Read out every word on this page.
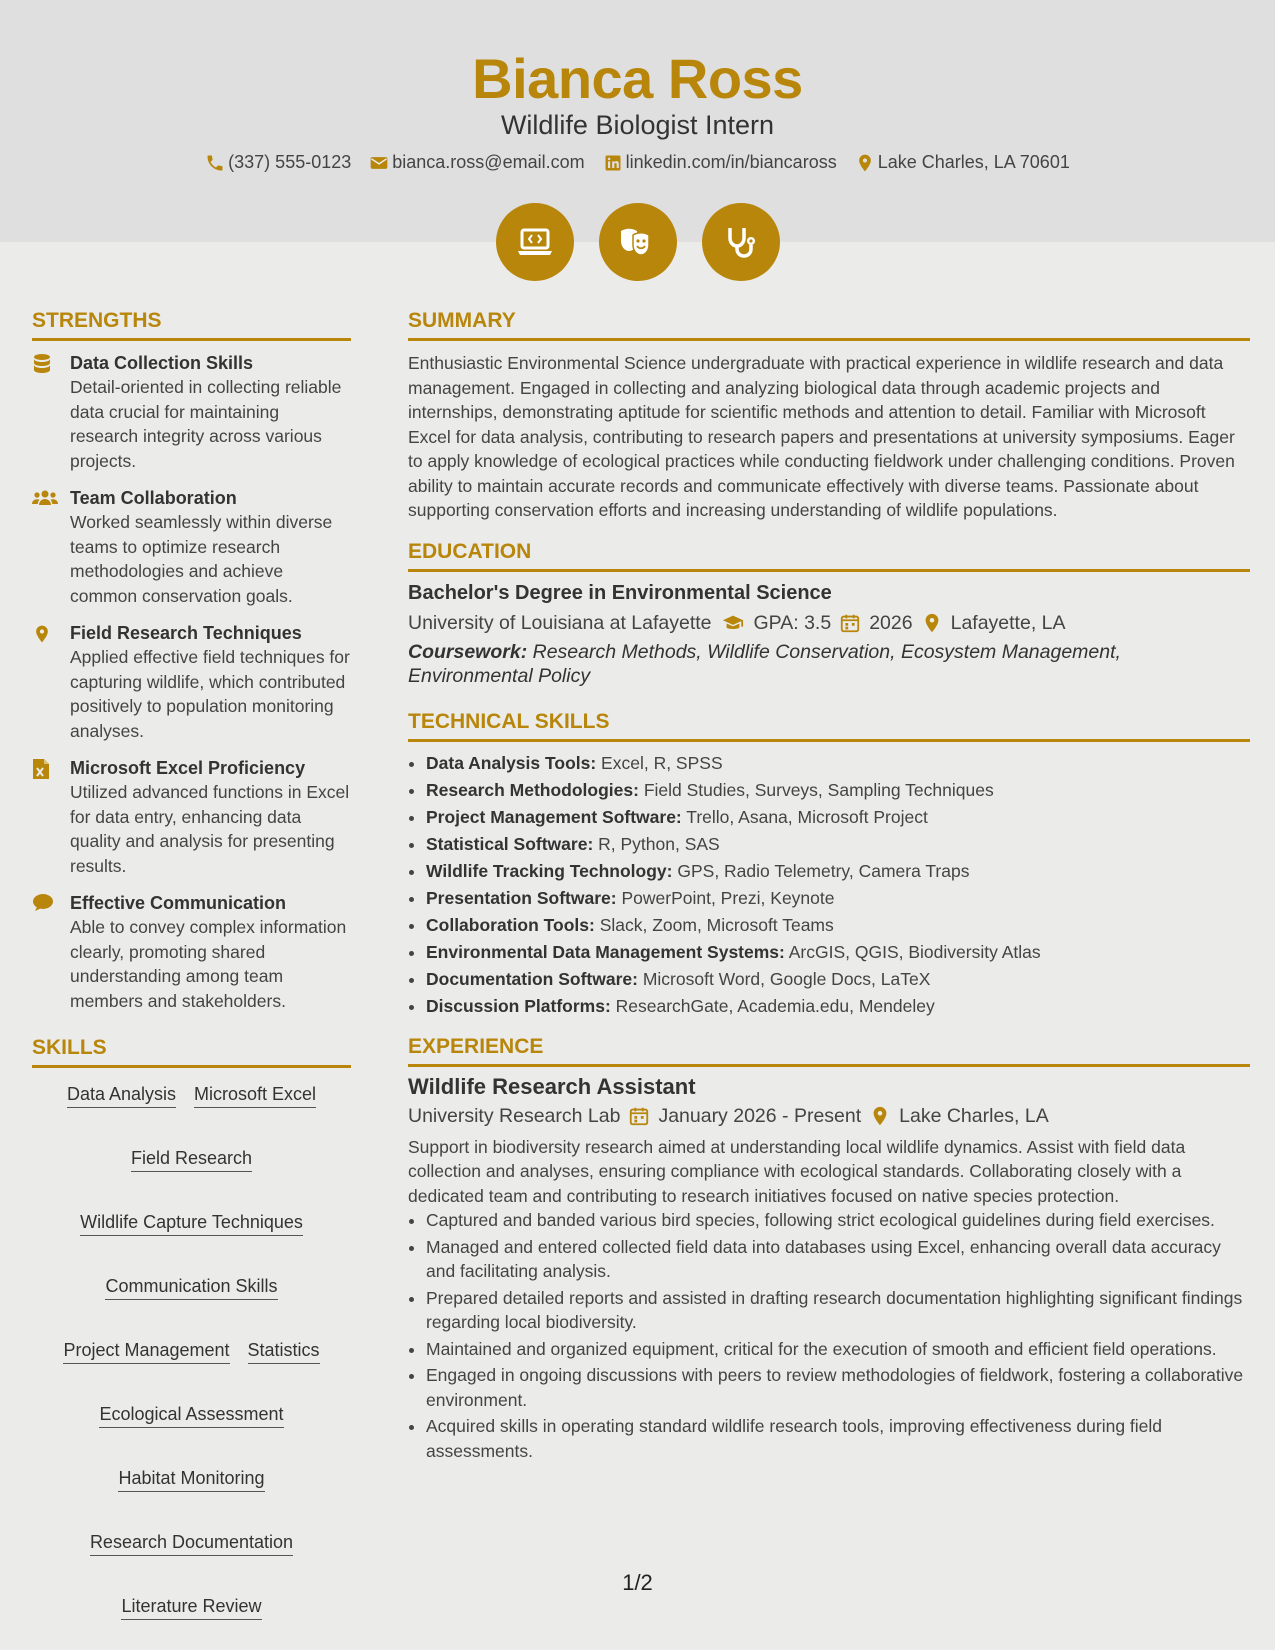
Bianca Ross
Wildlife Biologist Intern
(337) 555-0123 bianca.ross@email.com linkedin.com/in/biancaross Lake Charles, LA 70601
STRENGTHS
Data Collection Skills
Detail-oriented in collecting reliable data crucial for maintaining research integrity across various projects.
Team Collaboration
Worked seamlessly within diverse teams to optimize research methodologies and achieve common conservation goals.
Field Research Techniques
Applied effective field techniques for capturing wildlife, which contributed positively to population monitoring analyses.
Microsoft Excel Proficiency
Utilized advanced functions in Excel for data entry, enhancing data quality and analysis for presenting results.
Effective Communication
Able to convey complex information clearly, promoting shared understanding among team members and stakeholders.
SKILLS
Data Analysis Microsoft Excel
Field Research
Wildlife Capture Techniques
Communication Skills
Project Management Statistics
Ecological Assessment
Habitat Monitoring
Research Documentation
Literature Review
SUMMARY

Enthusiastic Environmental Science undergraduate with practical experience in wildlife research and data management. Engaged in collecting and analyzing biological data through academic projects and internships, demonstrating aptitude for scientific methods and attention to detail. Familiar with Microsoft Excel for data analysis, contributing to research papers and presentations at university symposiums. Eager to apply knowledge of ecological practices while conducting fieldwork under challenging conditions. Proven ability to maintain accurate records and communicate effectively with diverse teams. Passionate about supporting conservation efforts and increasing understanding of wildlife populations.

EDUCATION
Bachelor's Degree in Environmental Science
University of Louisiana at Lafayette GPA: 3.5 2026 Lafayette, LA
Coursework: Research Methods, Wildlife Conservation, Ecosystem Management, Environmental Policy
TECHNICAL SKILLS
• Data Analysis Tools: Excel, R, SPSS
• Research Methodologies: Field Studies, Surveys, Sampling Techniques
• Project Management Software: Trello, Asana, Microsoft Project
• Statistical Software: R, Python, SAS
• Wildlife Tracking Technology: GPS, Radio Telemetry, Camera Traps
• Presentation Software: PowerPoint, Prezi, Keynote
• Collaboration Tools: Slack, Zoom, Microsoft Teams
• Environmental Data Management Systems: ArcGIS, QGIS, Biodiversity Atlas
• Documentation Software: Microsoft Word, Google Docs, LaTeX
• Discussion Platforms: ResearchGate, Academia.edu, Mendeley
EXPERIENCE
Wildlife Research Assistant
University Research Lab January 2026 - Present Lake Charles, LA

Support in biodiversity research aimed at understanding local wildlife dynamics. Assist with field data collection and analyses, ensuring compliance with ecological standards. Collaborating closely with a dedicated team and contributing to research initiatives focused on native species protection.

• Captured and banded various bird species, following strict ecological guidelines during field exercises.
• Managed and entered collected field data into databases using Excel, enhancing overall data accuracy and facilitating analysis.
• Prepared detailed reports and assisted in drafting research documentation highlighting significant findings regarding local biodiversity.
• Maintained and organized equipment, critical for the execution of smooth and efficient field operations.
• Engaged in ongoing discussions with peers to review methodologies of fieldwork, fostering a collaborative environment.
• Acquired skills in operating standard wildlife research tools, improving effectiveness during field assessments.
1/2
